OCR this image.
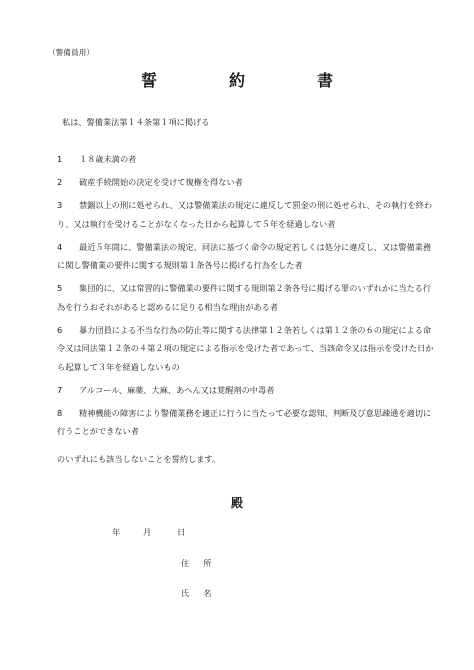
（警備員用）
誓　約　書
私は、警備業法第１４条第１項に掲げる
1	１８歳未満の者
2	破産手続開始の決定を受けて復権を得ない者
3	禁錮以上の刑に処せられ、又は警備業法の規定に違反して罰金の刑に処せられ、その執行を終わり、又は執行を受けることがなくなった日から起算して５年を経過しない者
4	最近５年間に、警備業法の規定、同法に基づく命令の規定若しくは処分に違反し、又は警備業務に関し警備業の要件に関する規則第１条各号に掲げる行為をした者
5	集団的に、又は常習的に警備業の要件に関する規則第２条各号に掲げる罪のいずれかに当たる行為を行うおそれがあると認めるに足りる相当な理由がある者
6	暴力団員による不当な行為の防止等に関する法律第１２条若しくは第１２条の６の規定による命令又は同法第１２条の４第２項の規定による指示を受けた者であって、当該命令又は指示を受けた日から起算して３年を経過しないもの
7	アルコール、麻薬、大麻、あへん又は覚醒剤の中毒者
8	精神機能の障害により警備業務を適正に行うに当たって必要な認知、判断及び意思疎通を適切に行うことができない者
のいずれにも該当しないことを誓約します。
殿
年	月	日
住所
氏名
